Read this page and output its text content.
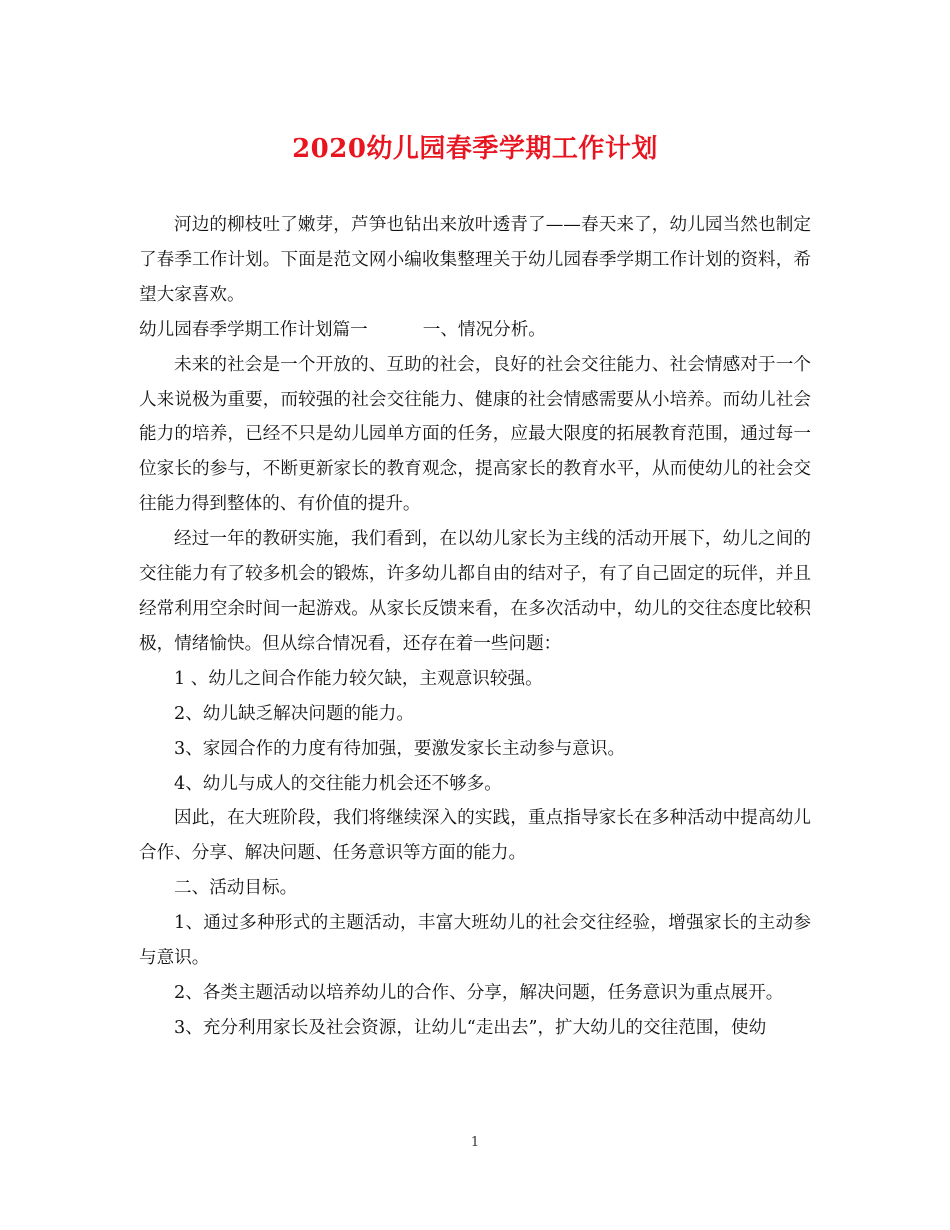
2020幼儿园春季学期工作计划

河边的柳枝吐了嫩芽，芦笋也钻出来放叶透青了——春天来了，幼儿园当然也制定了春季工作计划。下面是范文网小编收集整理关于幼儿园春季学期工作计划的资料，希望大家喜欢。

幼儿园春季学期工作计划篇一	一、情况分析。

未来的社会是一个开放的、互助的社会，良好的社会交往能力、社会情感对于一个人来说极为重要，而较强的社会交往能力、健康的社会情感需要从小培养。而幼儿社会能力的培养，已经不只是幼儿园单方面的任务，应最大限度的拓展教育范围，通过每一位家长的参与，不断更新家长的教育观念，提高家长的教育水平，从而使幼儿的社会交往能力得到整体的、有价值的提升。

经过一年的教研实施，我们看到，在以幼儿家长为主线的活动开展下，幼儿之间的交往能力有了较多机会的锻炼，许多幼儿都自由的结对子，有了自己固定的玩伴，并且经常利用空余时间一起游戏。从家长反馈来看，在多次活动中，幼儿的交往态度比较积极，情绪愉快。但从综合情况看，还存在着一些问题：

1 、幼儿之间合作能力较欠缺，主观意识较强。

2、幼儿缺乏解决问题的能力。

3、家园合作的力度有待加强，要激发家长主动参与意识。

4、幼儿与成人的交往能力机会还不够多。

因此，在大班阶段，我们将继续深入的实践，重点指导家长在多种活动中提高幼儿合作、分享、解决问题、任务意识等方面的能力。

二、活动目标。

1、通过多种形式的主题活动，丰富大班幼儿的社会交往经验，增强家长的主动参与意识。

2、各类主题活动以培养幼儿的合作、分享，解决问题，任务意识为重点展开。

3、充分利用家长及社会资源，让幼儿“走出去”，扩大幼儿的交往范围，使幼

1
